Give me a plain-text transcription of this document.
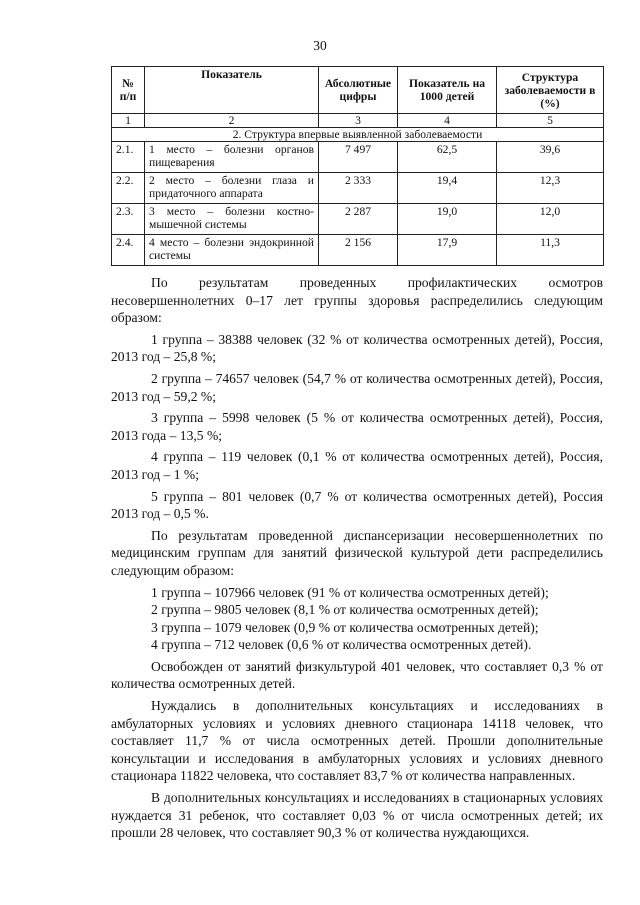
30
№ п/п	Показатель	Абсолютные цифры	Показатель на 1000 детей	Структура заболеваемости в (%)
1	2	3	4	5
2. Структура впервые выявленной заболеваемости				
2.1.	1 место – болезни органов пищеварения	7 497	62,5	39,6
2.2.	2 место – болезни глаза и придаточного аппарата	2 333	19,4	12,3
2.3.	3 место – болезни костно-мышечной системы	2 287	19,0	12,0
2.4.	4 место – болезни эндокринной системы	2 156	17,9	11,3

По результатам проведенных профилактических осмотров несовершеннолетних 0–17 лет группы здоровья распределились следующим образом:

1 группа – 38388 человек (32 % от количества осмотренных детей), Россия, 2013 год – 25,8 %;

2 группа – 74657 человек (54,7 % от количества осмотренных детей), Россия, 2013 год – 59,2 %;

3 группа – 5998 человек (5 % от количества осмотренных детей), Россия, 2013 года – 13,5 %;

4 группа – 119 человек (0,1 % от количества осмотренных детей), Россия, 2013 год – 1 %;

5 группа – 801 человек (0,7 % от количества осмотренных детей), Россия 2013 год – 0,5 %.

По результатам проведенной диспансеризации несовершеннолетних по медицинским группам для занятий физической культурой дети распределились следующим образом:

1 группа – 107966 человек (91 % от количества осмотренных детей);

2 группа – 9805 человек (8,1 % от количества осмотренных детей);

3 группа – 1079 человек (0,9 % от количества осмотренных детей);

4 группа – 712 человек (0,6 % от количества осмотренных детей).

Освобожден от занятий физкультурой 401 человек, что составляет 0,3 % от количества осмотренных детей.

Нуждались в дополнительных консультациях и исследованиях в амбулаторных условиях и условиях дневного стационара 14118 человек, что составляет 11,7 % от числа осмотренных детей. Прошли дополнительные консультации и исследования в амбулаторных условиях и условиях дневного стационара 11822 человека, что составляет 83,7 % от количества направленных.

В дополнительных консультациях и исследованиях в стационарных условиях нуждается 31 ребенок, что составляет 0,03 % от числа осмотренных детей; их прошли 28 человек, что составляет 90,3 % от количества нуждающихся.
